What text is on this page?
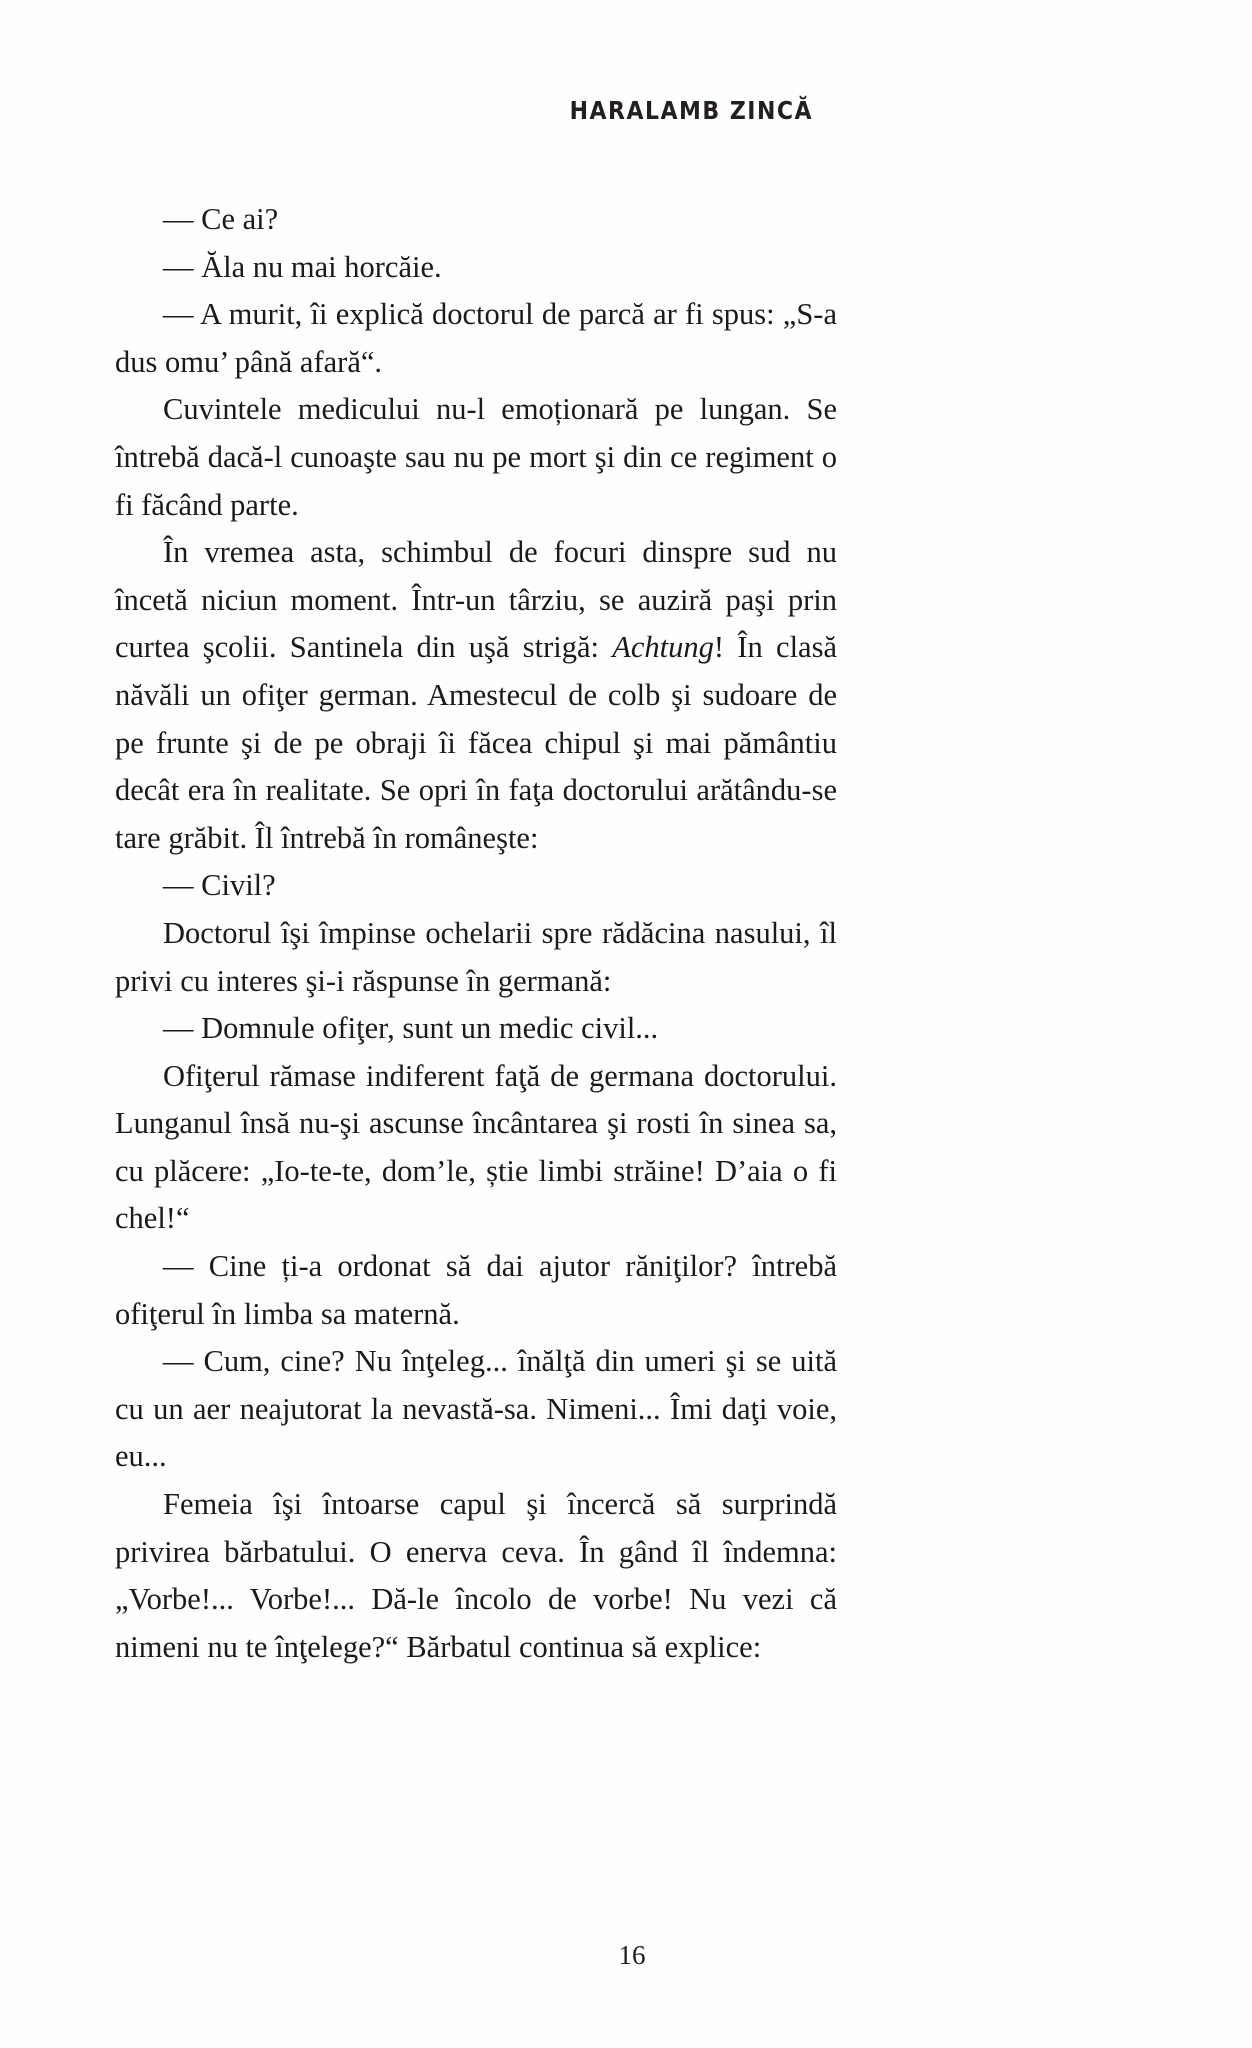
HARALAMB ZINCĂ

— Ce ai?

— Ăla nu mai horcăie.

— A murit, îi explică doctorul de parcă ar fi spus: „S-a dus omu’ până afară“.

Cuvintele medicului nu-l emoționară pe lungan. Se întrebă dacă-l cunoaşte sau nu pe mort şi din ce regiment o fi făcând parte.

În vremea asta, schimbul de focuri dinspre sud nu încetă niciun moment. Într-un târziu, se auziră paşi prin curtea şcolii. Santinela din uşă strigă: Achtung! În clasă năvăli un ofiţer german. Amestecul de colb şi sudoare de pe frunte şi de pe obraji îi făcea chipul şi mai pământiu decât era în realitate. Se opri în faţa doctorului arătându-se tare grăbit. Îl întrebă în româneşte:

— Civil?

Doctorul îşi împinse ochelarii spre rădăcina nasului, îl privi cu interes şi-i răspunse în germană:

— Domnule ofiţer, sunt un medic civil...

Ofiţerul rămase indiferent faţă de germana doctorului. Lunganul însă nu-şi ascunse încântarea şi rosti în sinea sa, cu plăcere: „Io-te-te, dom’le, știe limbi străine! D’aia o fi chel!“

— Cine ți-a ordonat să dai ajutor răniţilor? întrebă ofiţerul în limba sa maternă.

— Cum, cine? Nu înţeleg... înălţă din umeri şi se uită cu un aer neajutorat la nevastă-sa. Nimeni... Îmi daţi voie, eu...

Femeia îşi întoarse capul şi încercă să surprindă privirea bărbatului. O enerva ceva. În gând îl îndemna: „Vorbe!... Vorbe!... Dă-le încolo de vorbe! Nu vezi că nimeni nu te înţelege?“ Bărbatul continua să explice:

16
